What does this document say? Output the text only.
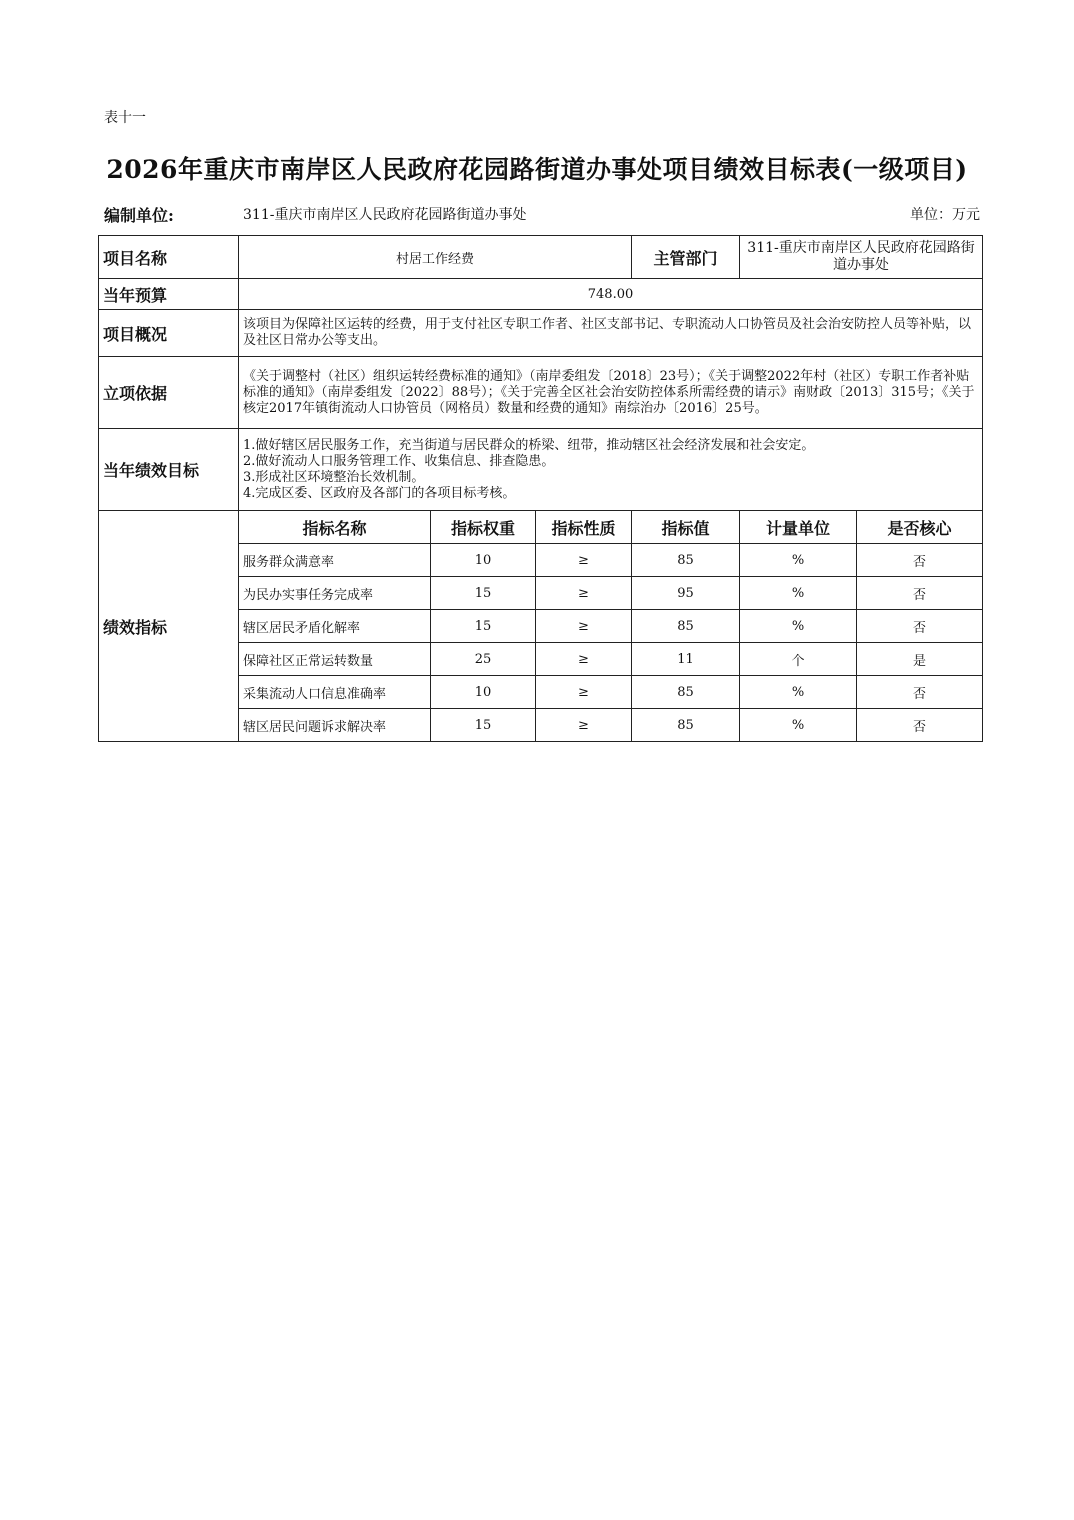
表十一
2026年重庆市南岸区人民政府花园路街道办事处项目绩效目标表(一级项目)
编制单位:	311-重庆市南岸区人民政府花园路街道办事处	单位：万元
项目名称	村居工作经费			主管部门	311-重庆市南岸区人民政府花园路街道办事处	
当年预算	748.00					
项目概况	该项目为保障社区运转的经费，用于支付社区专职工作者、社区支部书记、专职流动人口协管员及社会治安防控人员等补贴，以及社区日常办公等支出。					
立项依据	《关于调整村（社区）组织运转经费标准的通知》（南岸委组发〔2018〕23号）；《关于调整2022年村（社区）专职工作者补贴标准的通知》（南岸委组发〔2022〕88号）；《关于完善全区社会治安防控体系所需经费的请示》南财政〔2013〕315号；《关于核定2017年镇街流动人口协管员（网格员）数量和经费的通知》南综治办〔2016〕25号。					
当年绩效目标	1.做好辖区居民服务工作，充当街道与居民群众的桥梁、纽带，推动辖区社会经济发展和社会安定。
2.做好流动人口服务管理工作、收集信息、排查隐患。
3.形成社区环境整治长效机制。
4.完成区委、区政府及各部门的各项目标考核。					

绩效指标	指标名称	指标权重	指标性质	指标值	计量单位	是否核心
	服务群众满意率	10	≥	85	%	否
	为民办实事任务完成率	15	≥	95	%	否
	辖区居民矛盾化解率	15	≥	85	%	否
	保障社区正常运转数量	25	≥	11	个	是
	采集流动人口信息准确率	10	≥	85	%	否
	辖区居民问题诉求解决率	15	≥	85	%	否
